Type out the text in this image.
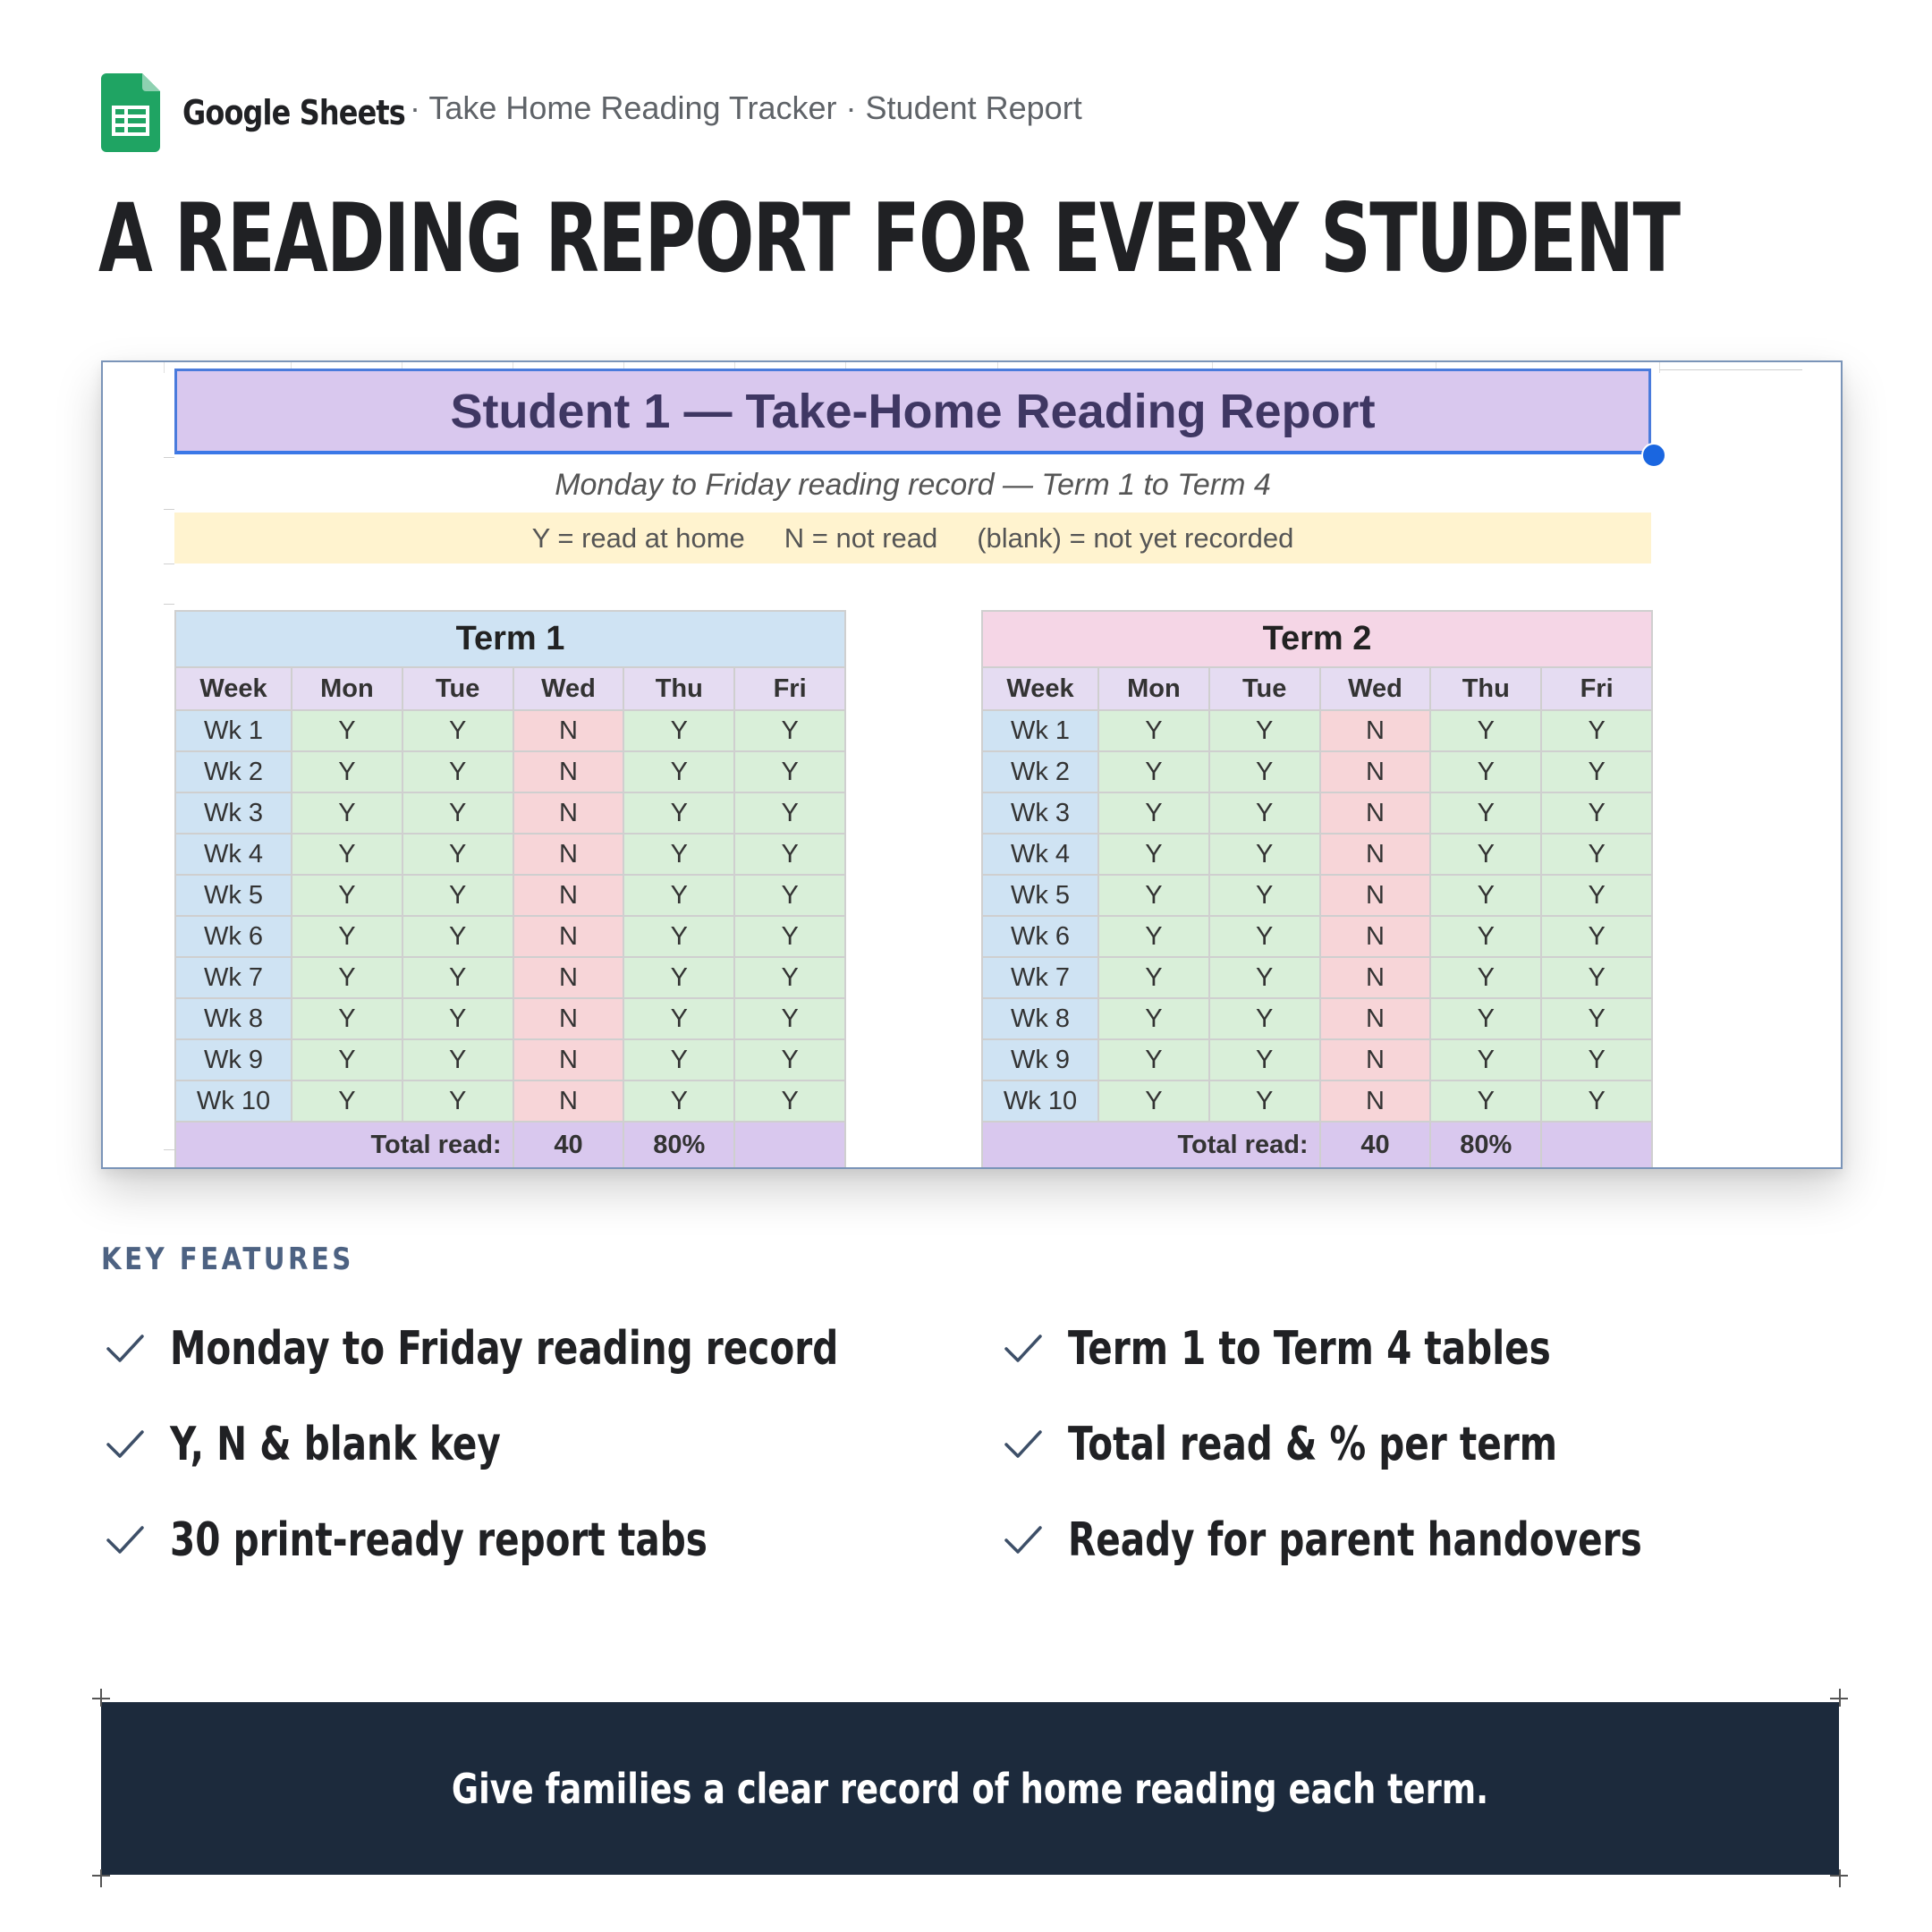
Google Sheets · Take Home Reading Tracker · Student Report
A READING REPORT FOR EVERY STUDENT
Student 1 — Take-Home Reading Report
Monday to Friday reading record — Term 1 to Term 4
Y = read at home N = not read (blank) = not yet recorded
Term 1					
Week	Mon	Tue	Wed	Thu	Fri
Wk 1	Y	Y	N	Y	Y
Wk 2	Y	Y	N	Y	Y
Wk 3	Y	Y	N	Y	Y
Wk 4	Y	Y	N	Y	Y
Wk 5	Y	Y	N	Y	Y
Wk 6	Y	Y	N	Y	Y
Wk 7	Y	Y	N	Y	Y
Wk 8	Y	Y	N	Y	Y
Wk 9	Y	Y	N	Y	Y
Wk 10	Y	Y	N	Y	Y
Total read:			40	80%	
Term 2					
Week	Mon	Tue	Wed	Thu	Fri
Wk 1	Y	Y	N	Y	Y
Wk 2	Y	Y	N	Y	Y
Wk 3	Y	Y	N	Y	Y
Wk 4	Y	Y	N	Y	Y
Wk 5	Y	Y	N	Y	Y
Wk 6	Y	Y	N	Y	Y
Wk 7	Y	Y	N	Y	Y
Wk 8	Y	Y	N	Y	Y
Wk 9	Y	Y	N	Y	Y
Wk 10	Y	Y	N	Y	Y
Total read:			40	80%	
KEY FEATURES
Monday to Friday reading record	Term 1 to Term 4 tables
Y, N & blank key	Total read & % per term
30 print-ready report tabs	Ready for parent handovers
Give families a clear record of home reading each term.
